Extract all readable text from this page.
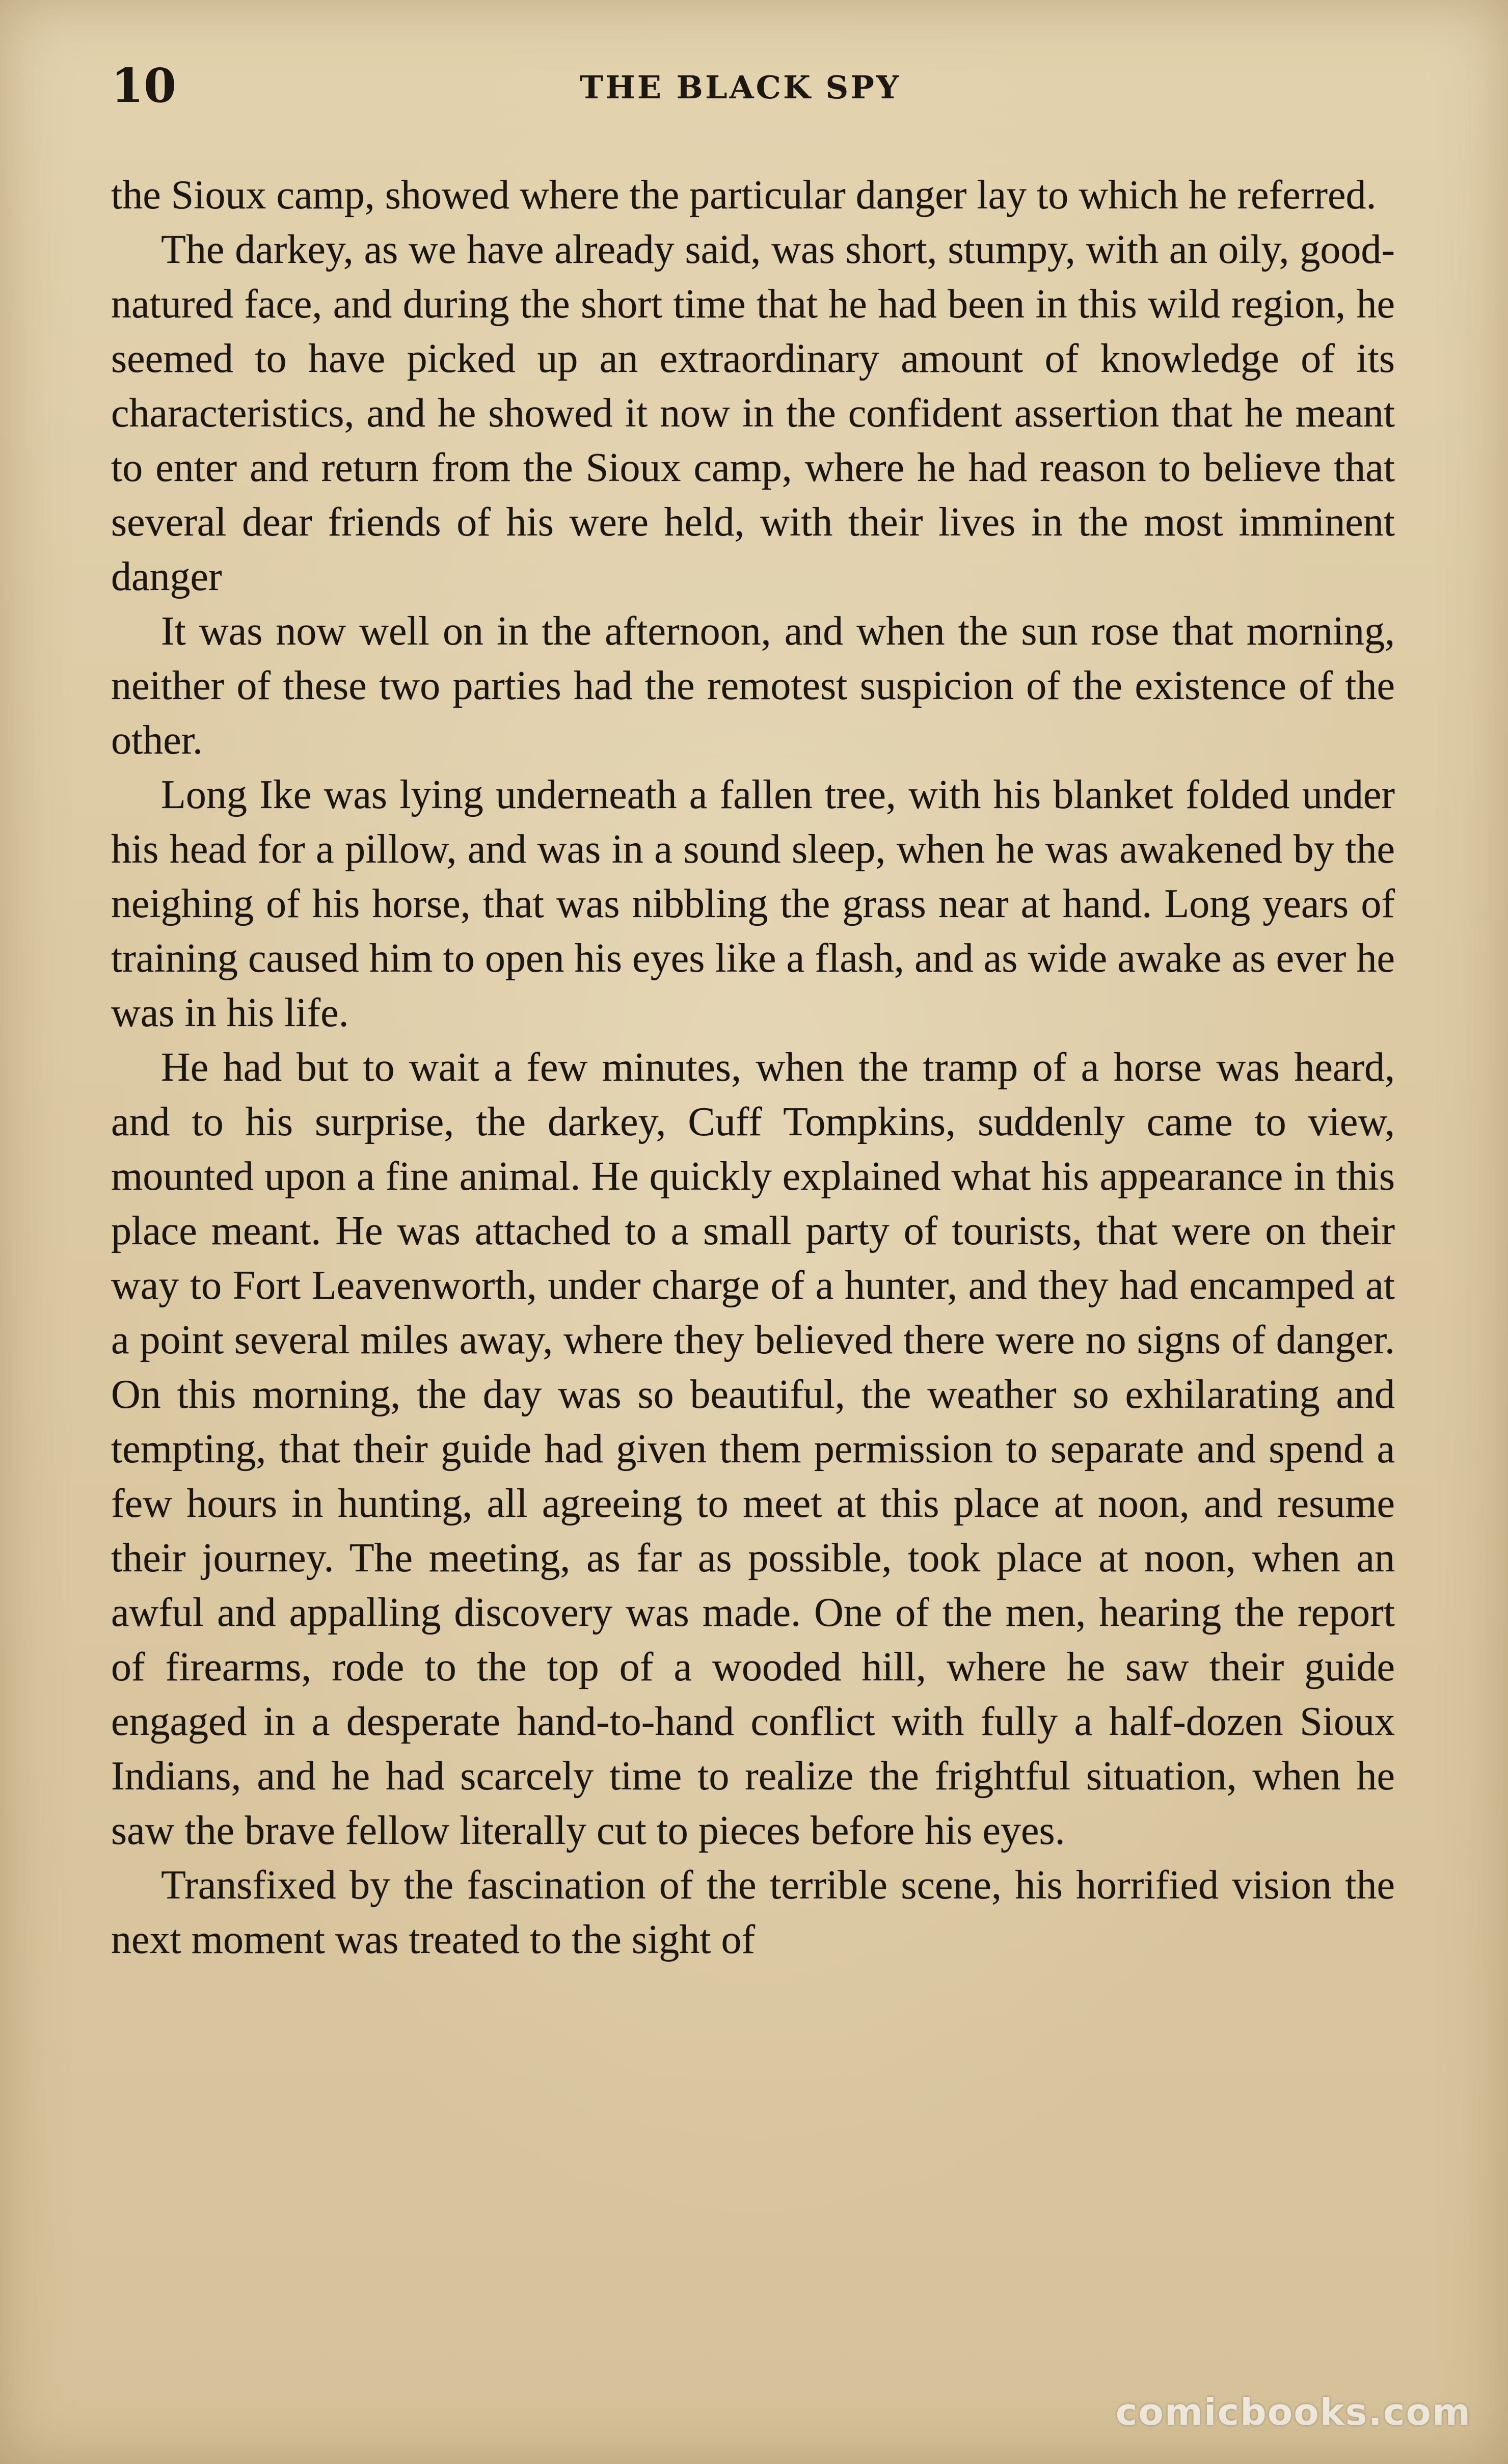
10	THE BLACK SPY

the Sioux camp, showed where the particular danger lay to which he referred.

The darkey, as we have already said, was short, stumpy, with an oily, good-natured face, and during the short time that he had been in this wild region, he seemed to have picked up an extraordinary amount of knowledge of its characteristics, and he showed it now in the confident assertion that he meant to enter and return from the Sioux camp, where he had reason to believe that several dear friends of his were held, with their lives in the most imminent danger

It was now well on in the afternoon, and when the sun rose that morning, neither of these two parties had the remotest suspicion of the existence of the other.

Long Ike was lying underneath a fallen tree, with his blanket folded under his head for a pillow, and was in a sound sleep, when he was awakened by the neighing of his horse, that was nibbling the grass near at hand. Long years of training caused him to open his eyes like a flash, and as wide awake as ever he was in his life.

He had but to wait a few minutes, when the tramp of a horse was heard, and to his surprise, the darkey, Cuff Tompkins, suddenly came to view, mounted upon a fine animal. He quickly explained what his appearance in this place meant. He was attached to a small party of tourists, that were on their way to Fort Leavenworth, under charge of a hunter, and they had encamped at a point several miles away, where they believed there were no signs of danger. On this morning, the day was so beautiful, the weather so exhilarating and tempting, that their guide had given them permission to separate and spend a few hours in hunting, all agreeing to meet at this place at noon, and resume their journey. The meeting, as far as possible, took place at noon, when an awful and appalling discovery was made. One of the men, hearing the report of firearms, rode to the top of a wooded hill, where he saw their guide engaged in a desperate hand-to-hand conflict with fully a half-dozen Sioux Indians, and he had scarcely time to realize the frightful situation, when he saw the brave fellow literally cut to pieces before his eyes.

Transfixed by the fascination of the terrible scene, his horrified vision the next moment was treated to the sight of

comicbooks.com
